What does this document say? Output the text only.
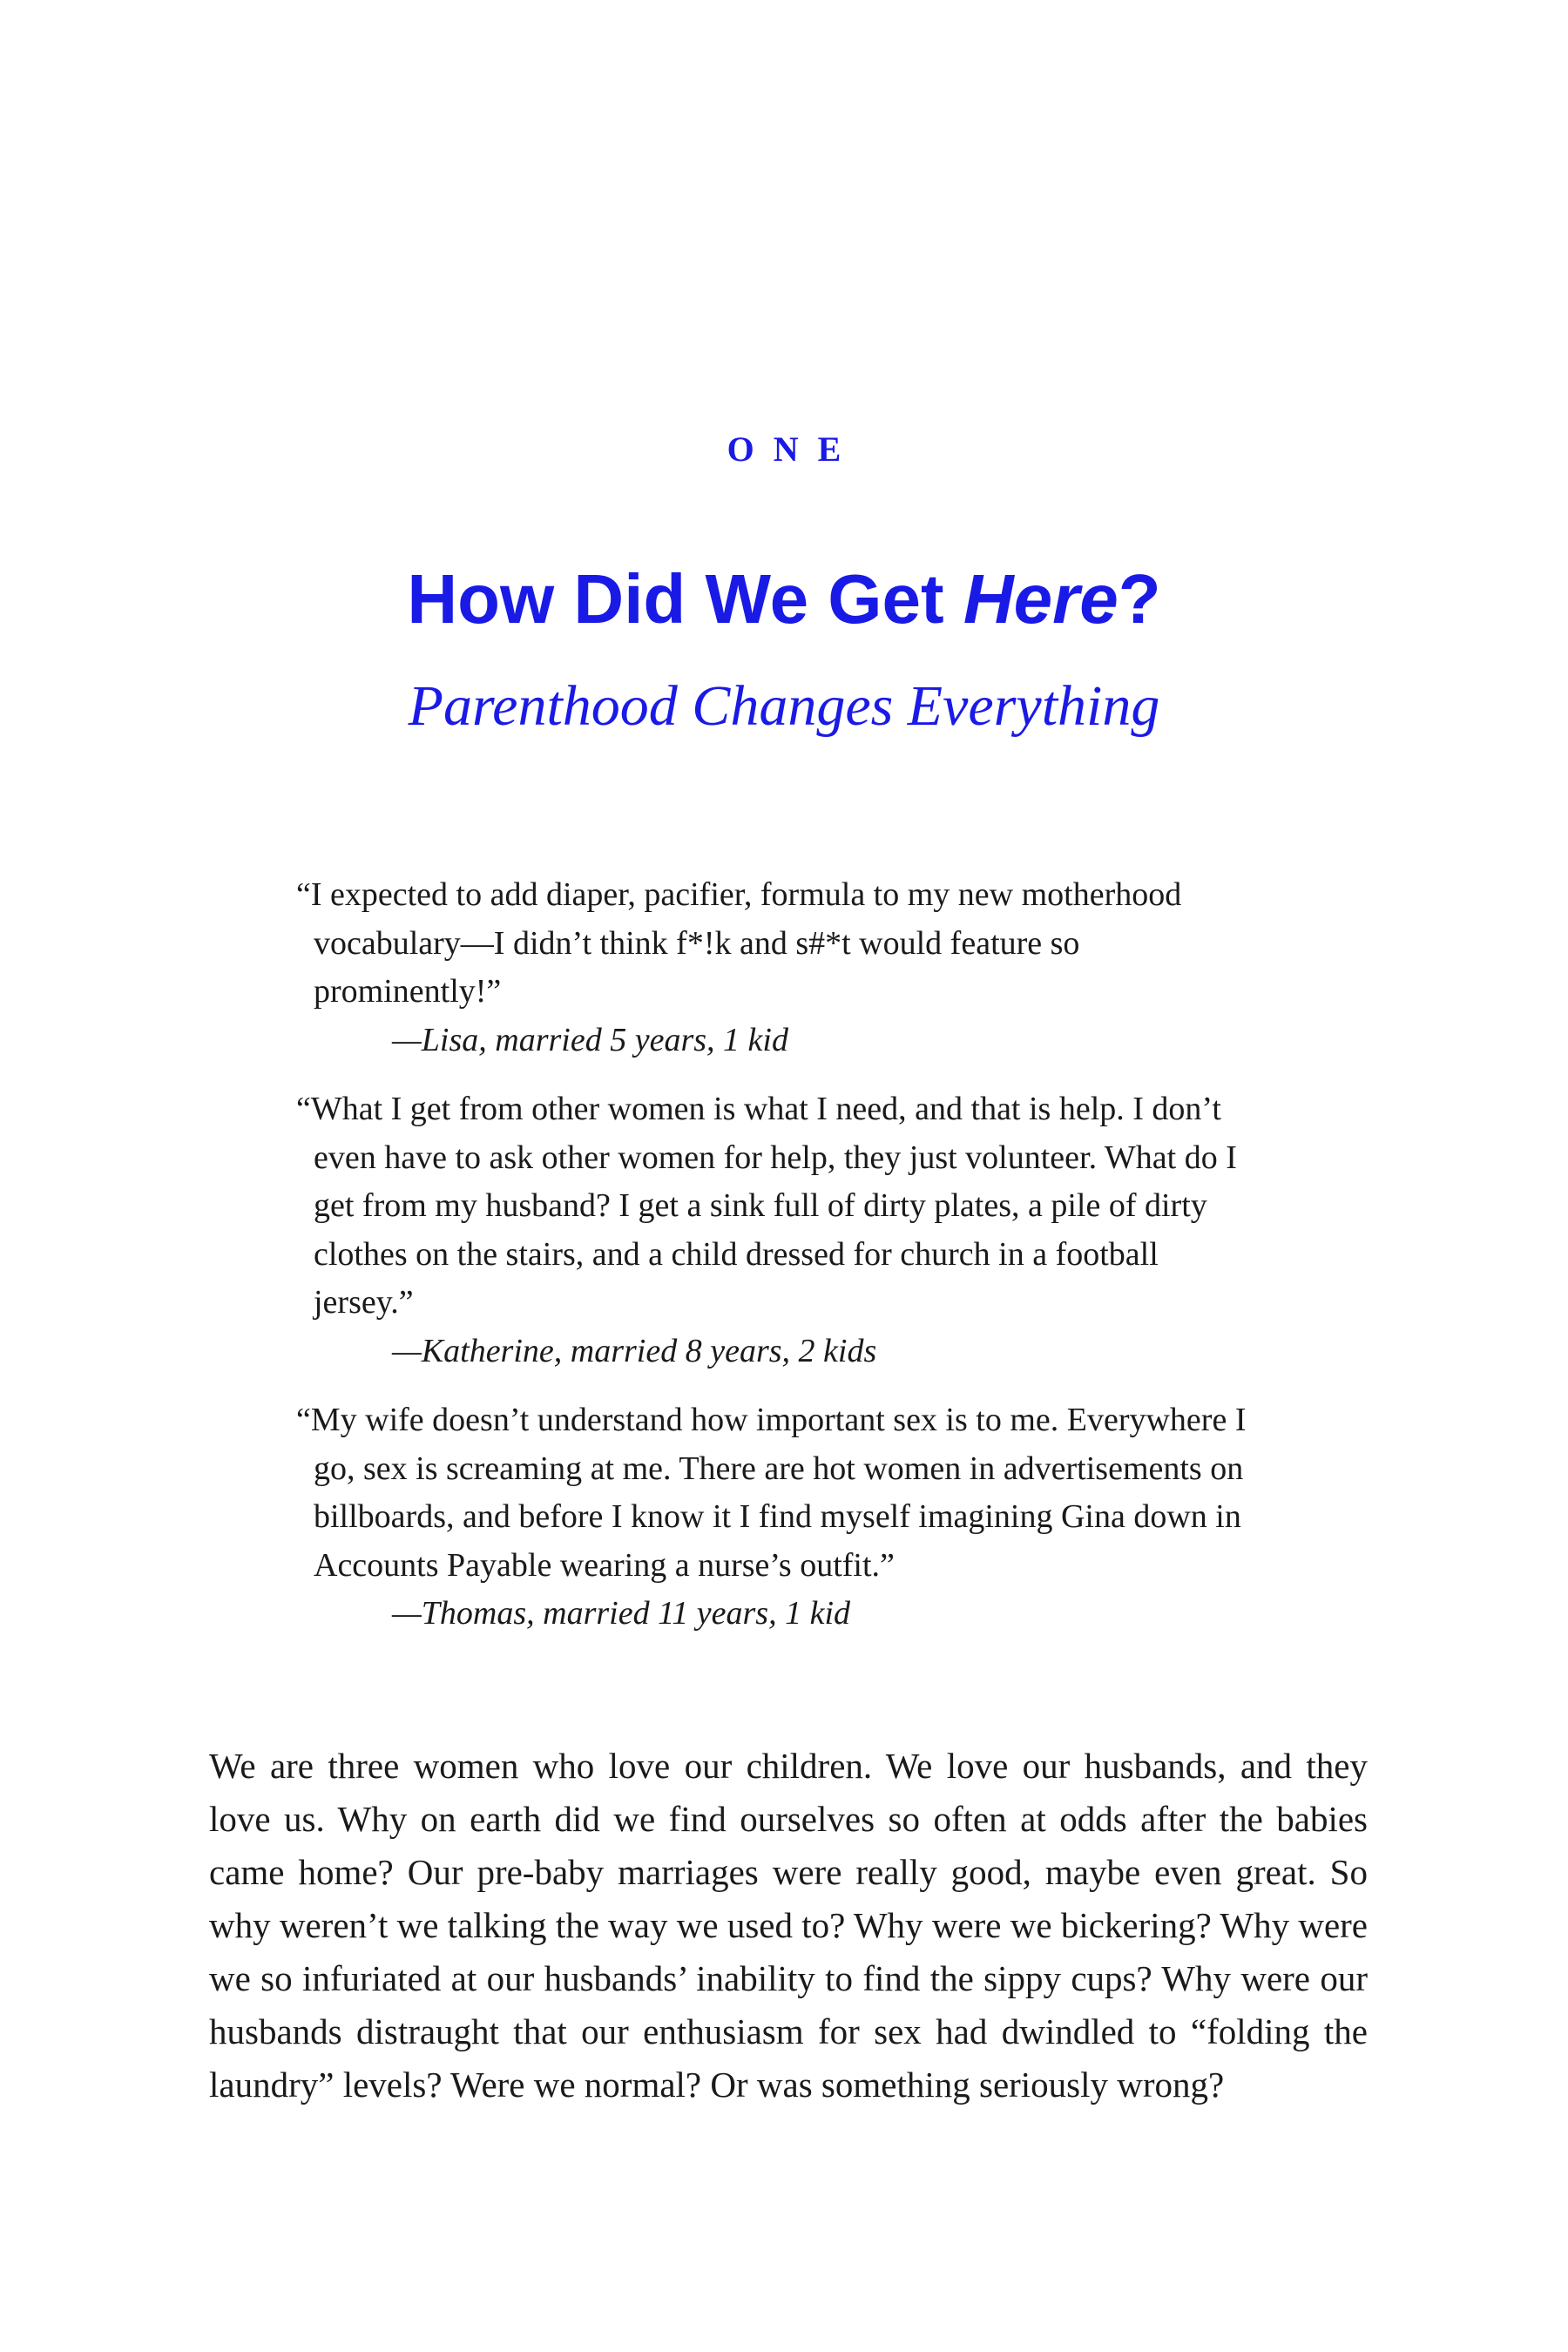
ONE
How Did We Get Here?
Parenthood Changes Everything

“I expected to add diaper, pacifier, formula to my new motherhood vocabulary—I didn’t think f*!k and s#*t would feature so prominently!”

—Lisa, married 5 years, 1 kid

“What I get from other women is what I need, and that is help. I don’t even have to ask other women for help, they just volunteer. What do I get from my husband? I get a sink full of dirty plates, a pile of dirty clothes on the stairs, and a child dressed for church in a football jersey.”

—Katherine, married 8 years, 2 kids

“My wife doesn’t understand how important sex is to me. Everywhere I go, sex is screaming at me. There are hot women in advertisements on billboards, and before I know it I find myself imagining Gina down in Accounts Payable wearing a nurse’s outfit.”

—Thomas, married 11 years, 1 kid

We are three women who love our children. We love our husbands, and they love us. Why on earth did we find ourselves so often at odds after the babies came home? Our pre-baby marriages were really good, maybe even great. So why weren’t we talking the way we used to? Why were we bickering? Why were we so infuriated at our husbands’ inability to find the sippy cups? Why were our husbands distraught that our enthusiasm for sex had dwindled to “folding the laundry” levels? Were we normal? Or was something seriously wrong?
